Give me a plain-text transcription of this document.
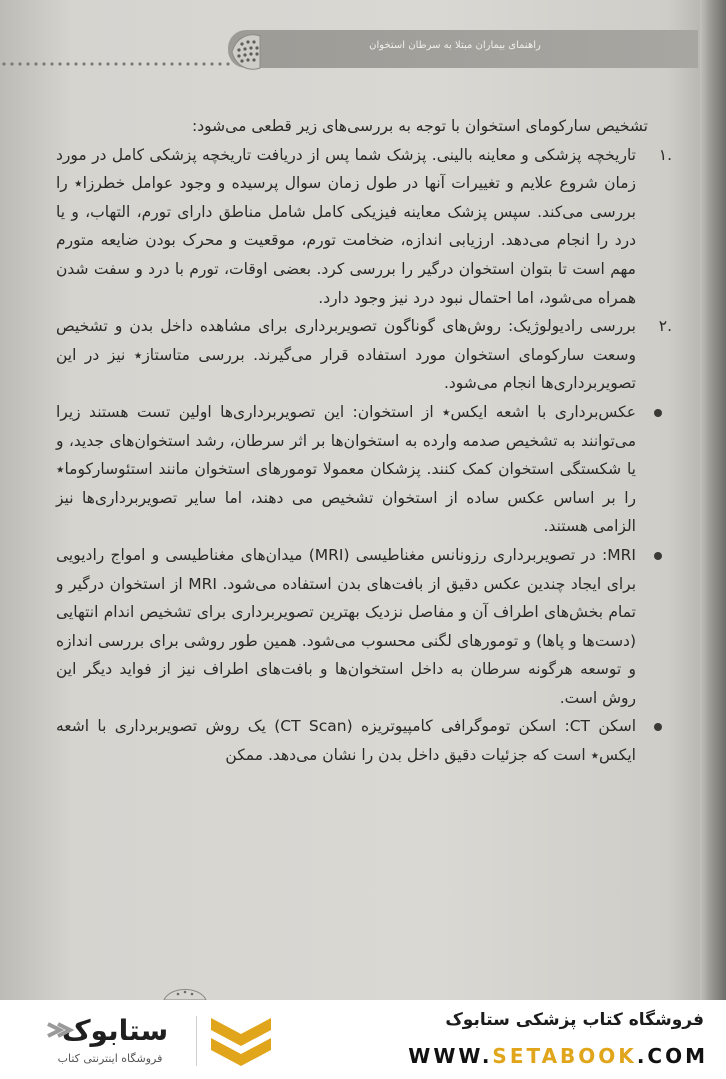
راهنمای بیماران مبتلا به سرطان استخوان

تشخیص سارکومای استخوان با توجه به بررسی‌های زیر قطعی می‌شود:

.۱
تاریخچه پزشکی و معاینه بالینی. پزشک شما پس از دریافت تاریخچه پزشکی کامل در مورد زمان شروع علایم و تغییرات آنها در طول زمان سوال پرسیده و وجود عوامل خطرزا٭ را بررسی می‌کند. سپس پزشک معاینه فیزیکی کامل شامل مناطق دارای تورم، التهاب، و یا درد را انجام می‌دهد. ارزیابی اندازه، ضخامت تورم، موقعیت و محرک بودن ضایعه متورم مهم است تا بتوان استخوان درگیر را بررسی کرد. بعضی اوقات، تورم با درد و سفت شدن همراه می‌شود، اما احتمال نبود درد نیز وجود دارد.
.۲
بررسی رادیولوژیک: روش‌های گوناگون تصویربرداری برای مشاهده داخل بدن و تشخیص وسعت سارکومای استخوان مورد استفاده قرار می‌گیرند. بررسی متاستاز٭ نیز در این تصویربرداری‌ها انجام می‌شود.
عکس‌برداری با اشعه ایکس٭ از استخوان: این تصویربرداری‌ها اولین تست هستند زیرا می‌توانند به تشخیص صدمه وارده به استخوان‌ها بر اثر سرطان، رشد استخوان‌های جدید، و یا شکستگی استخوان کمک کنند. پزشکان معمولا تومورهای استخوان مانند استئوسارکوما٭ را بر اساس عکس ساده از استخوان تشخیص می دهند، اما سایر تصویربرداری‌ها نیز الزامی هستند.
MRI: در تصویربرداری رزونانس مغناطیسی (MRI) میدان‌های مغناطیسی و امواج رادیویی برای ایجاد چندین عکس دقیق از بافت‌های بدن استفاده می‌شود. MRI از استخوان درگیر و تمام بخش‌های اطراف آن و مفاصل نزدیک بهترین تصویربرداری برای تشخیص اندام انتهایی (دست‌ها و پاها) و تومورهای لگنی محسوب می‌شود. همین طور روشی برای بررسی اندازه و توسعه هرگونه سرطان به داخل استخوان‌ها و بافت‌های اطراف نیز از فواید دیگر این روش است.
اسکن CT: اسکن توموگرافی کامپیوتریزه (CT Scan) یک روش تصویربرداری با اشعه ایکس٭ است که جزئیات دقیق داخل بدن را نشان می‌دهد. ممکن
فروشگاه کتاب پزشکی ستابوک
WWW.SETABOOK.COM
ستابوک
فروشگاه اینترنتی کتاب
